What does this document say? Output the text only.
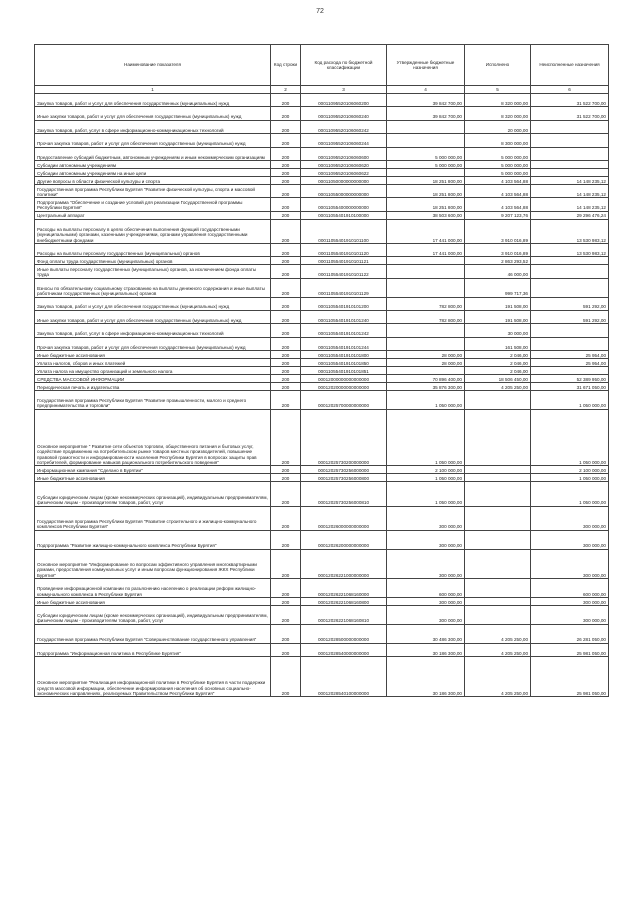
72
Наименование показателя	Код строки	Код расхода по бюджетной классификации	Утвержденные бюджетные назначения	Исполнено	Неисполненные назначения
1	2	3	4	5	6
Закупка товаров, работ и услуг для обеспечения государственных (муниципальных) нужд	200	00011095520106060200	39 842 700,00	8 320 000,00	31 522 700,00
Иные закупки товаров, работ и услуг для обеспечения государственных (муниципальных) нужд	200	00011095520106060240	39 842 700,00	8 320 000,00	31 522 700,00
Закупка товаров, работ, услуг в сфере информационно-коммуникационных технологий	200	00011095520106060242		20 000,00	
Прочая закупка товаров, работ и услуг для обеспечения государственных (муниципальных) нужд	200	00011095520106060244		8 300 000,00	
Предоставление субсидий бюджетным, автономным учреждениям и иным некоммерческим организациям	200	00011095520106060600	5 000 000,00	5 000 000,00	
Субсидии автономным учреждениям	200	00011095520106060620	5 000 000,00	5 000 000,00	
Субсидии автономным учреждениям на иные цели	200	00011095520106060622		5 000 000,00	
Другие вопросы в области физической культуры и спорта	200	00011050000000000000	18 251 800,00	4 103 564,88	14 148 235,12
Государственная программа Республики Бурятия "Развитие физической культуры, спорта и массовой политики"	200	00011055000000000000	18 251 800,00	4 103 564,88	14 148 235,12
Подпрограмма "Обеспечение и создание условий для реализации Государственной программы Республики Бурятия"	200	00011055400000000000	18 251 800,00	4 103 564,88	14 148 235,12
Центральный аппарат	200	00011055401910100000	38 503 600,00	9 207 123,76	29 296 476,24
Расходы на выплаты персоналу в целях обеспечения выполнения функций государственными (муниципальными) органами, казенными учреждениями, органами управления государственными внебюджетными фондами	200	00011055401910101100	17 441 000,00	3 910 016,89	13 530 983,12
Расходы на выплаты персоналу государственных (муниципальных) органов	200	00011055401910101120	17 441 000,00	3 910 016,89	13 530 983,12
Фонд оплаты труда государственных (муниципальных) органов	200	00011055401910101121		2 863 293,52	
Иные выплаты персоналу государственных (муниципальных) органов, за исключением фонда оплаты труда	200	00011055401910101122		46 000,00	
Взносы по обязательному социальному страхованию на выплаты денежного содержания и иные выплаты работникам государственных (муниципальных) органов	200	00011055401910101129		999 717,36	
Закупка товаров, работ и услуг для обеспечения государственных (муниципальных) нужд	200	00011055401910101200	782 800,00	191 508,00	591 292,00
Иные закупки товаров, работ и услуг для обеспечения государственных (муниципальных) нужд	200	00011055401910101240	782 800,00	191 508,00	591 292,00
Закупка товаров, работ, услуг в сфере информационно-коммуникационных технологий	200	00011055401910101242		30 000,00	
Прочая закупка товаров, работ и услуг для обеспечения государственных (муниципальных) нужд	200	00011055401910101244		161 508,00	
Иные бюджетные ассигнования	200	00011055401910101800	28 000,00	2 046,00	25 954,00
Уплата налогов, сборов и иных платежей	200	00011055401910101850	28 000,00	2 046,00	25 954,00
Уплата налога на имущество организаций и земельного налога	200	00011055401910101851		2 046,00	
СРЕДСТВА МАССОВОЙ ИНФОРМАЦИИ	200	00012000000000000000	70 896 400,00	18 506 450,00	52 389 950,00
Периодическая печать и издательства	200	00012020000000000000	35 876 300,00	4 205 250,00	31 671 050,00
Государственная программа Республики Бурятия "Развитие промышленности, малого и среднего предпринимательства и торговли"	200	00012025700000000000	1 050 000,00		1 050 000,00
Основное мероприятие " Развитие сети объектов торговли, общественного питания и бытовых услуг, содействие продвижению на потребительском рынке товаров местных производителей, повышение правовой грамотности и информированности населения Республики Бурятия в вопросах защиты прав потребителей, формирование навыков рационального потребительского поведения"	200	00012025730200000000	1 050 000,00		1 050 000,00
Информационная кампания "Сделано в Бурятии"	200	00012025730256000000	2 100 000,00		2 100 000,00
Иные бюджетные ассигнования	200	00012025730256000800	1 050 000,00		1 050 000,00
Субсидии юридическим лицам (кроме некоммерческих организаций), индивидуальным предпринимателям, физическим лицам - производителям товаров, работ, услуг	200	00012025730256000810	1 050 000,00		1 050 000,00
Государственная программа Республики Бурятия "Развитие строительного и жилищно-коммунального комплексов Республики Бурятия"	200	00012026000000000000	300 000,00		300 000,00
Подпрограмма "Развитие жилищно-коммунального комплекса Республики Бурятия"	200	00012026200000000000	300 000,00		300 000,00
Основное мероприятие "Информирование по вопросам эффективного управления многоквартирными домами, предоставления коммунальных услуг и иным вопросам функционирования ЖКХ Республики Бурятия"	200	00012026221000000000	300 000,00		300 000,00
Проведение информационной компании по разъяснению населению о реализации реформ жилищно-коммунального комплекса в Республике Бурятия	200	00012026221068160000	600 000,00		600 000,00
Иные бюджетные ассигнования	200	00012026221068160800	300 000,00		300 000,00
Субсидии юридическим лицам (кроме некоммерческих организаций), индивидуальным предпринимателям, физическим лицам - производителям товаров, работ, услуг	200	00012026221068160810	300 000,00		300 000,00
Государственная программа Республики Бурятия "Совершенствование государственного управления"	200	00012028500000000000	30 486 300,00	4 205 250,00	26 281 050,00
Подпрограмма "Информационная политика в Республике Бурятия"	200	00012028540000000000	30 186 300,00	4 205 250,00	25 981 050,00
Основное мероприятие "Реализация информационной политики в Республике Бурятия в части поддержки средств массовой информации, обеспечение информирования населения об основных социально-экономических направлениях, реализуемых Правительством Республики Бурятия"	200	00012028540100000000	30 186 300,00	4 205 250,00	25 981 050,00
